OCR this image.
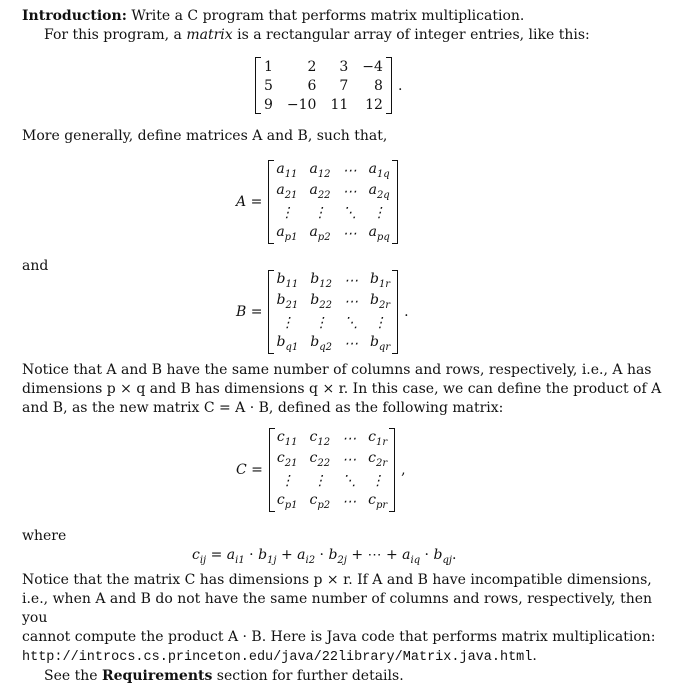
Introduction: Write a C program that performs matrix multiplication.
For this program, a matrix is a rectangular array of integer entries, like this:
1	2	3	−4
5	6	7	8
9	−10	11	12
.
More generally, define matrices A and B, such that,
A =
$a_{11}$	$a_{12}$	⋯	$a_{1q}$
$a_{21}$	$a_{22}$	⋯	$a_{2q}$
⋮	⋮	⋱	⋮
$a_{p1}$	$a_{p2}$	⋯	$a_{pq}$
and
B =
$b_{11}$	$b_{12}$	⋯	$b_{1r}$
$b_{21}$	$b_{22}$	⋯	$b_{2r}$
⋮	⋮	⋱	⋮
$b_{q1}$	$b_{q2}$	⋯	$b_{qr}$
.
Notice that A and B have the same number of columns and rows, respectively, i.e., A has
dimensions p × q and B has dimensions q × r. In this case, we can define the product of A
and B, as the new matrix C = A · B, defined as the following matrix:
C =
$c_{11}$	$c_{12}$	⋯	$c_{1r}$
$c_{21}$	$c_{22}$	⋯	$c_{2r}$
⋮	⋮	⋱	⋮
$c_{p1}$	$c_{p2}$	⋯	$c_{pr}$
,
where
$c_{ij} = a_{i1} \cdot b_{1j} + a_{i2} \cdot b_{2j}$ + ⋯ + $a_{iq} \cdot b_{qj}$.
Notice that the matrix C has dimensions p × r. If A and B have incompatible dimensions,
i.e., when A and B do not have the same number of columns and rows, respectively, then you
cannot compute the product A · B. Here is Java code that performs matrix multiplication:
http://introcs.cs.princeton.edu/java/22library/Matrix.java.html.
See the Requirements section for further details.
